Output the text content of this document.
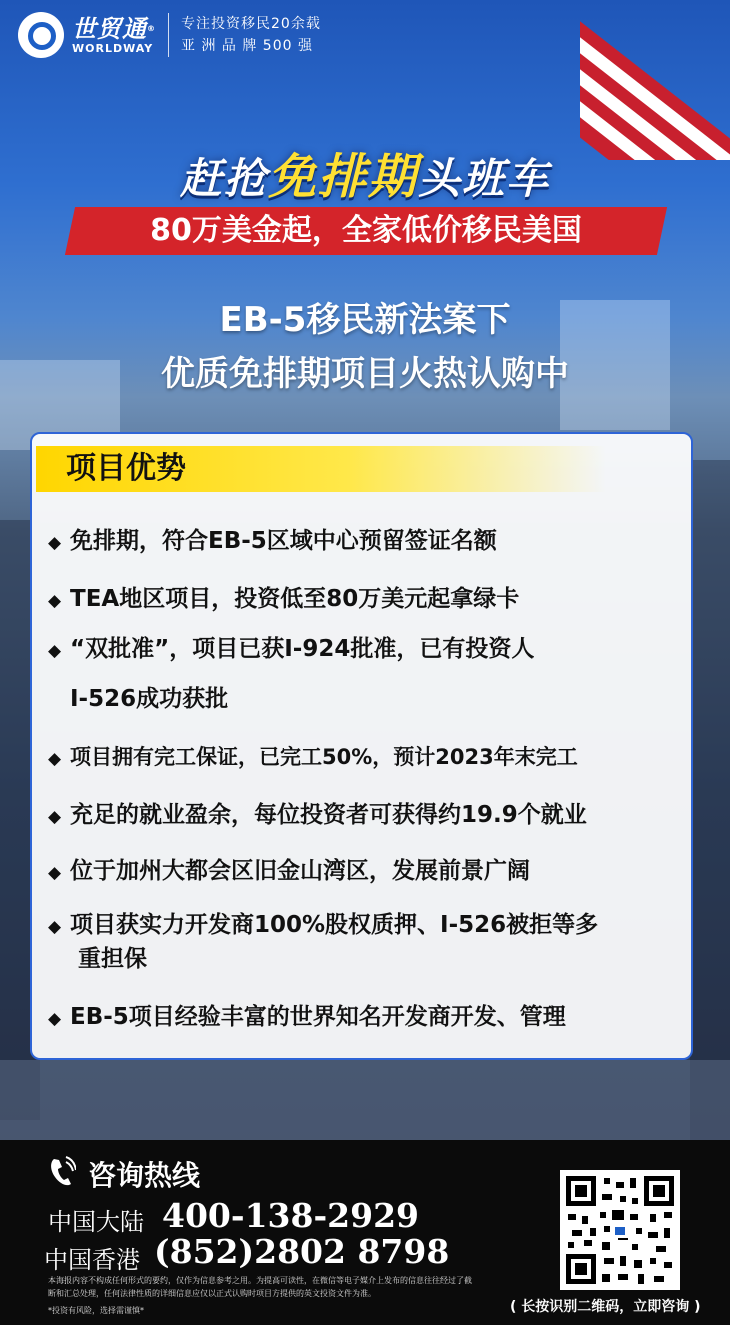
世贸通®
WORLDWAY
专注投资移民20余载
亚 洲 品 牌 500 强
赶抢免排期头班车
80万美金起，全家低价移民美国
EB-5移民新法案下
优质免排期项目火热认购中
项目优势
◆ 免排期，符合EB-5区域中心预留签证名额
◆ TEA地区项目，投资低至80万美元起拿绿卡
◆ “双批准”，项目已获I-924批准，已有投资人
I-526成功获批
◆ 项目拥有完工保证，已完工50%，预计2023年末完工
◆ 充足的就业盈余，每位投资者可获得约19.9个就业
◆ 位于加州大都会区旧金山湾区，发展前景广阔
◆ 项目获实力开发商100%股权质押、I-526被拒等多
重担保
◆ EB-5项目经验丰富的世界知名开发商开发、管理
咨询热线
中国大陆 400-138-2929
中国香港 (852)2802 8798
本海报内容不构成任何形式的要约，仅作为信息参考之用。为提高可读性，在微信等电子媒介上发布的信息往往经过了截
断和汇总处理，任何法律性质的详细信息应仅以正式认购时项目方提供的英文投资文件为准。
*投资有风险，选择需谨慎*	( 长按识别二维码，立即咨询 )
